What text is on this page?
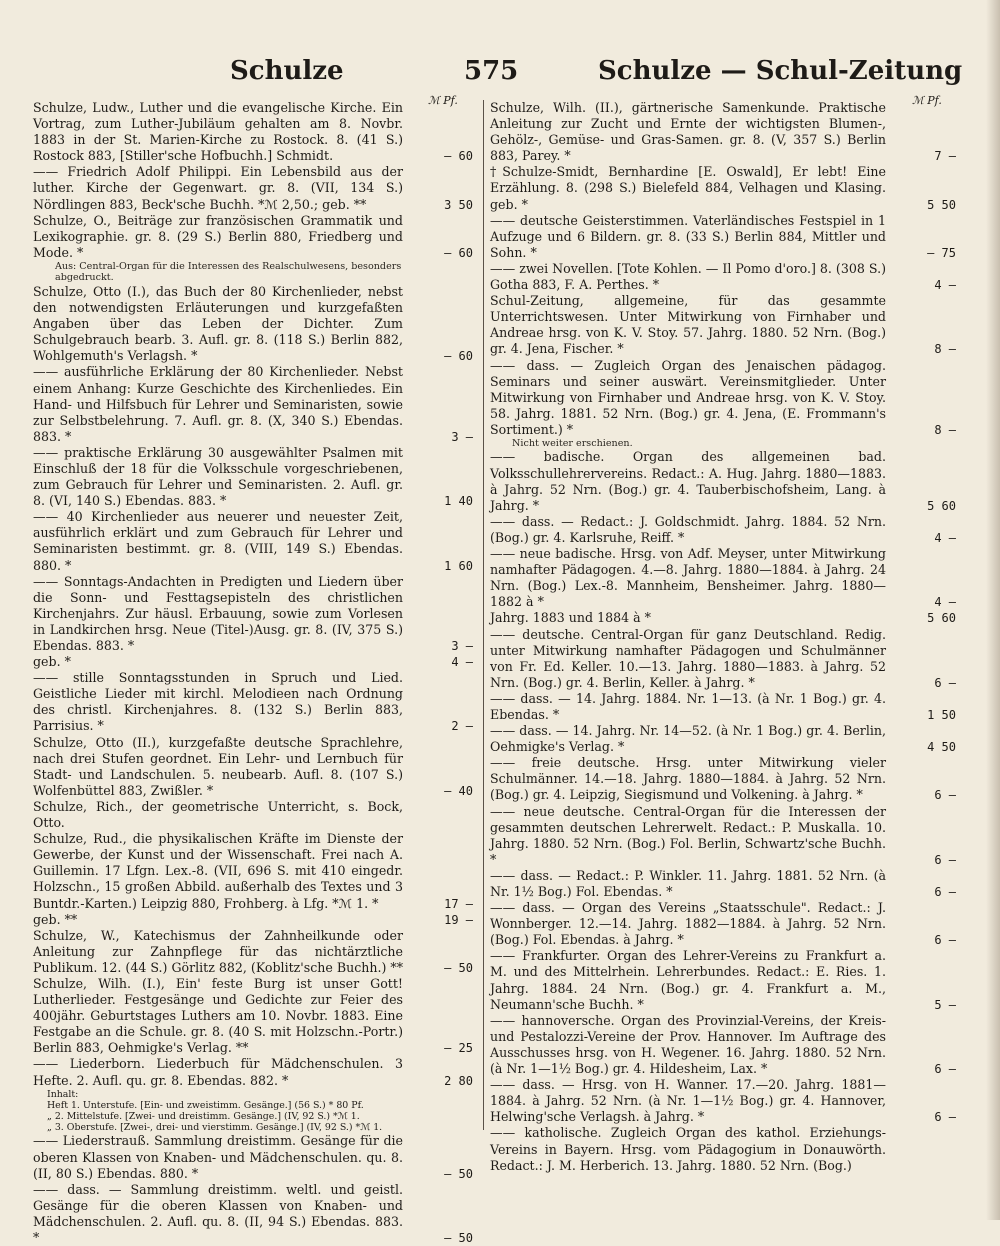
Schulze	575	Schulze — Schul-Zeitung
ℳ Pf.	ℳ Pf.
Schulze, Ludw., Luther und die evangelische Kirche. Ein Vortrag, zum Luther-Jubiläum gehalten am 8. Novbr. 1883 in der St. Marien-Kirche zu Rostock. 8. (41 S.) Rostock 883, [Stiller'sche Hofbuchh.] Schmidt.	— 60
—— Friedrich Adolf Philippi. Ein Lebensbild aus der luther. Kirche der Gegenwart. gr. 8. (VII, 134 S.) Nördlingen 883, Beck'sche Buchh. *ℳ 2,50.; geb. **	3 50
Schulze, O., Beiträge zur französischen Grammatik und Lexikographie. gr. 8. (29 S.) Berlin 880, Friedberg und Mode. *	— 60
Aus: Central-Organ für die Interessen des Realschulwesens, besonders abgedruckt.
Schulze, Otto (I.), das Buch der 80 Kirchenlieder, nebst den notwendigsten Erläuterungen und kurzgefaßten Angaben über das Leben der Dichter. Zum Schulgebrauch bearb. 3. Aufl. gr. 8. (118 S.) Berlin 882, Wohlgemuth's Verlagsh. *	— 60
—— ausführliche Erklärung der 80 Kirchenlieder. Nebst einem Anhang: Kurze Geschichte des Kirchenliedes. Ein Hand- und Hilfsbuch für Lehrer und Seminaristen, sowie zur Selbstbelehrung. 7. Aufl. gr. 8. (X, 340 S.) Ebendas. 883. *	3 —
—— praktische Erklärung 30 ausgewählter Psalmen mit Einschluß der 18 für die Volksschule vorgeschriebenen, zum Gebrauch für Lehrer und Seminaristen. 2. Aufl. gr. 8. (VI, 140 S.) Ebendas. 883. *	1 40
—— 40 Kirchenlieder aus neuerer und neuester Zeit, ausführlich erklärt und zum Gebrauch für Lehrer und Seminaristen bestimmt. gr. 8. (VIII, 149 S.) Ebendas. 880. *	1 60
—— Sonntags-Andachten in Predigten und Liedern über die Sonn- und Festtagsepisteln des christlichen Kirchenjahrs. Zur häusl. Erbauung, sowie zum Vorlesen in Landkirchen hrsg. Neue (Titel-)Ausg. gr. 8. (IV, 375 S.) Ebendas. 883. *	3 —
geb. *	4 —
—— stille Sonntagsstunden in Spruch und Lied. Geistliche Lieder mit kirchl. Melodieen nach Ordnung des christl. Kirchenjahres. 8. (132 S.) Berlin 883, Parrisius. *	2 —
Schulze, Otto (II.), kurzgefaßte deutsche Sprachlehre, nach drei Stufen geordnet. Ein Lehr- und Lernbuch für Stadt- und Landschulen. 5. neubearb. Aufl. 8. (107 S.) Wolfenbüttel 883, Zwißler. *	— 40
Schulze, Rich., der geometrische Unterricht, s. Bock, Otto.
Schulze, Rud., die physikalischen Kräfte im Dienste der Gewerbe, der Kunst und der Wissenschaft. Frei nach A. Guillemin. 17 Lfgn. Lex.-8. (VII, 696 S. mit 410 eingedr. Holzschn., 15 großen Abbild. außerhalb des Textes und 3 Buntdr.-Karten.) Leipzig 880, Frohberg. à Lfg. *ℳ 1. *	17 —
geb. **	19 —
Schulze, W., Katechismus der Zahnheilkunde oder Anleitung zur Zahnpflege für das nichtärztliche Publikum. 12. (44 S.) Görlitz 882, (Koblitz'sche Buchh.) **	— 50
Schulze, Wilh. (I.), Ein' feste Burg ist unser Gott! Lutherlieder. Festgesänge und Gedichte zur Feier des 400jähr. Geburtstages Luthers am 10. Novbr. 1883. Eine Festgabe an die Schule. gr. 8. (40 S. mit Holzschn.-Portr.) Berlin 883, Oehmigke's Verlag. **	— 25
—— Liederborn. Liederbuch für Mädchenschulen. 3 Hefte. 2. Aufl. qu. gr. 8. Ebendas. 882. *	2 80
Inhalt:
Heft 1. Unterstufe. [Ein- und zweistimm. Gesänge.] (56 S.) * 80 Pf.
„ 2. Mittelstufe. [Zwei- und dreistimm. Gesänge.] (IV, 92 S.) *ℳ 1.
„ 3. Oberstufe. [Zwei-, drei- und vierstimm. Gesänge.] (IV, 92 S.) *ℳ 1.
—— Liederstrauß. Sammlung dreistimm. Gesänge für die oberen Klassen von Knaben- und Mädchenschulen. qu. 8. (II, 80 S.) Ebendas. 880. *	— 50
—— dass. — Sammlung dreistimm. weltl. und geistl. Gesänge für die oberen Klassen von Knaben- und Mädchenschulen. 2. Aufl. qu. 8. (II, 94 S.) Ebendas. 883. *	— 50
Schulze, Wilh. (II.), gärtnerische Samenkunde. Praktische Anleitung zur Zucht und Ernte der wichtigsten Blumen-, Gehölz-, Gemüse- und Gras-Samen. gr. 8. (V, 357 S.) Berlin 883, Parey. *	7 —
†Schulze-Smidt, Bernhardine [E. Oswald], Er lebt! Eine Erzählung. 8. (298 S.) Bielefeld 884, Velhagen und Klasing. geb. *	5 50
—— deutsche Geisterstimmen. Vaterländisches Festspiel in 1 Aufzuge und 6 Bildern. gr. 8. (33 S.) Berlin 884, Mittler und Sohn. *	— 75
—— zwei Novellen. [Tote Kohlen. — Il Pomo d'oro.] 8. (308 S.) Gotha 883, F. A. Perthes. *	4 —
Schul-Zeitung, allgemeine, für das gesammte Unterrichtswesen. Unter Mitwirkung von Firnhaber und Andreae hrsg. von K. V. Stoy. 57. Jahrg. 1880. 52 Nrn. (Bog.) gr. 4. Jena, Fischer. *	8 —
—— dass. — Zugleich Organ des Jenaischen pädagog. Seminars und seiner auswärt. Vereinsmitglieder. Unter Mitwirkung von Firnhaber und Andreae hrsg. von K. V. Stoy. 58. Jahrg. 1881. 52 Nrn. (Bog.) gr. 4. Jena, (E. Frommann's Sortiment.) *	8 —
Nicht weiter erschienen.
—— badische. Organ des allgemeinen bad. Volksschullehrervereins. Redact.: A. Hug. Jahrg. 1880—1883. à Jahrg. 52 Nrn. (Bog.) gr. 4. Tauberbischofsheim, Lang. à Jahrg. *	5 60
—— dass. — Redact.: J. Goldschmidt. Jahrg. 1884. 52 Nrn. (Bog.) gr. 4. Karlsruhe, Reiff. *	4 —
—— neue badische. Hrsg. von Adf. Meyser, unter Mitwirkung namhafter Pädagogen. 4.—8. Jahrg. 1880—1884. à Jahrg. 24 Nrn. (Bog.) Lex.-8. Mannheim, Bensheimer. Jahrg. 1880—1882 à *	4 —
Jahrg. 1883 und 1884 à *	5 60
—— deutsche. Central-Organ für ganz Deutschland. Redig. unter Mitwirkung namhafter Pädagogen und Schulmänner von Fr. Ed. Keller. 10.—13. Jahrg. 1880—1883. à Jahrg. 52 Nrn. (Bog.) gr. 4. Berlin, Keller. à Jahrg. *	6 —
—— dass. — 14. Jahrg. 1884. Nr. 1—13. (à Nr. 1 Bog.) gr. 4. Ebendas. *	1 50
—— dass. — 14. Jahrg. Nr. 14—52. (à Nr. 1 Bog.) gr. 4. Berlin, Oehmigke's Verlag. *	4 50
—— freie deutsche. Hrsg. unter Mitwirkung vieler Schulmänner. 14.—18. Jahrg. 1880—1884. à Jahrg. 52 Nrn. (Bog.) gr. 4. Leipzig, Siegismund und Volkening. à Jahrg. *	6 —
—— neue deutsche. Central-Organ für die Interessen der gesammten deutschen Lehrerwelt. Redact.: P. Muskalla. 10. Jahrg. 1880. 52 Nrn. (Bog.) Fol. Berlin, Schwartz'sche Buchh. *	6 —
—— dass. — Redact.: P. Winkler. 11. Jahrg. 1881. 52 Nrn. (à Nr. 1½ Bog.) Fol. Ebendas. *	6 —
—— dass. — Organ des Vereins „Staatsschule". Redact.: J. Wonnberger. 12.—14. Jahrg. 1882—1884. à Jahrg. 52 Nrn. (Bog.) Fol. Ebendas. à Jahrg. *	6 —
—— Frankfurter. Organ des Lehrer-Vereins zu Frankfurt a. M. und des Mittelrhein. Lehrerbundes. Redact.: E. Ries. 1. Jahrg. 1884. 24 Nrn. (Bog.) gr. 4. Frankfurt a. M., Neumann'sche Buchh. *	5 —
—— hannoversche. Organ des Provinzial-Vereins, der Kreis- und Pestalozzi-Vereine der Prov. Hannover. Im Auftrage des Ausschusses hrsg. von H. Wegener. 16. Jahrg. 1880. 52 Nrn. (à Nr. 1—1½ Bog.) gr. 4. Hildesheim, Lax. *	6 —
—— dass. — Hrsg. von H. Wanner. 17.—20. Jahrg. 1881—1884. à Jahrg. 52 Nrn. (à Nr. 1—1½ Bog.) gr. 4. Hannover, Helwing'sche Verlagsh. à Jahrg. *	6 —
—— katholische. Zugleich Organ des kathol. Erziehungs-Vereins in Bayern. Hrsg. vom Pädagogium in Donauwörth. Redact.: J. M. Herberich. 13. Jahrg. 1880. 52 Nrn. (Bog.)
